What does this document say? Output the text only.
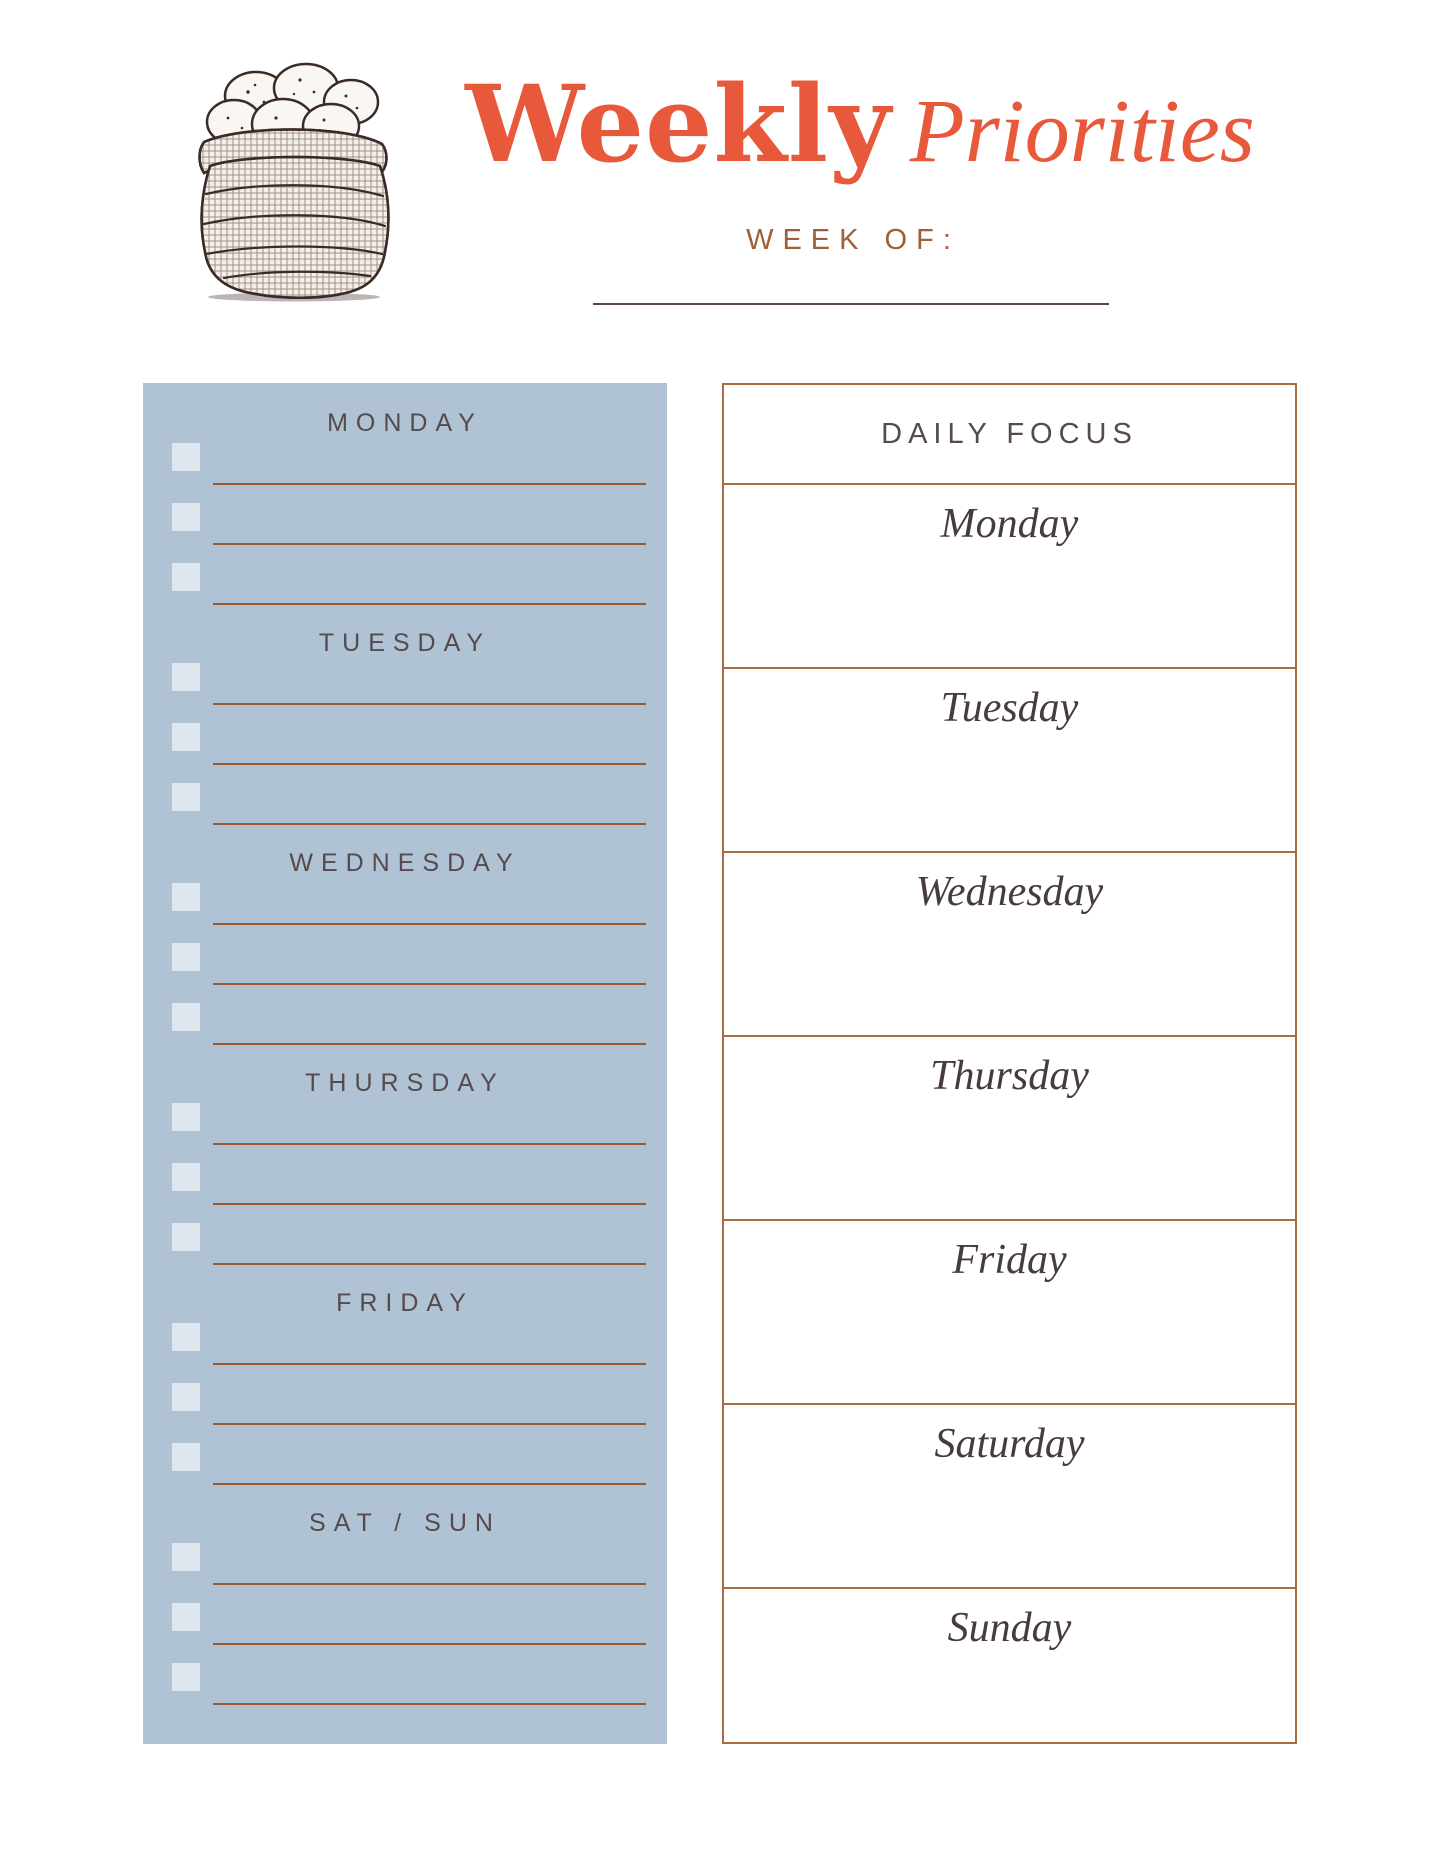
Weekly Priorities
WEEK OF:
MONDAY
TUESDAY
WEDNESDAY
THURSDAY
FRIDAY
SAT / SUN
DAILY FOCUS
Monday
Tuesday
Wednesday
Thursday
Friday
Saturday
Sunday
